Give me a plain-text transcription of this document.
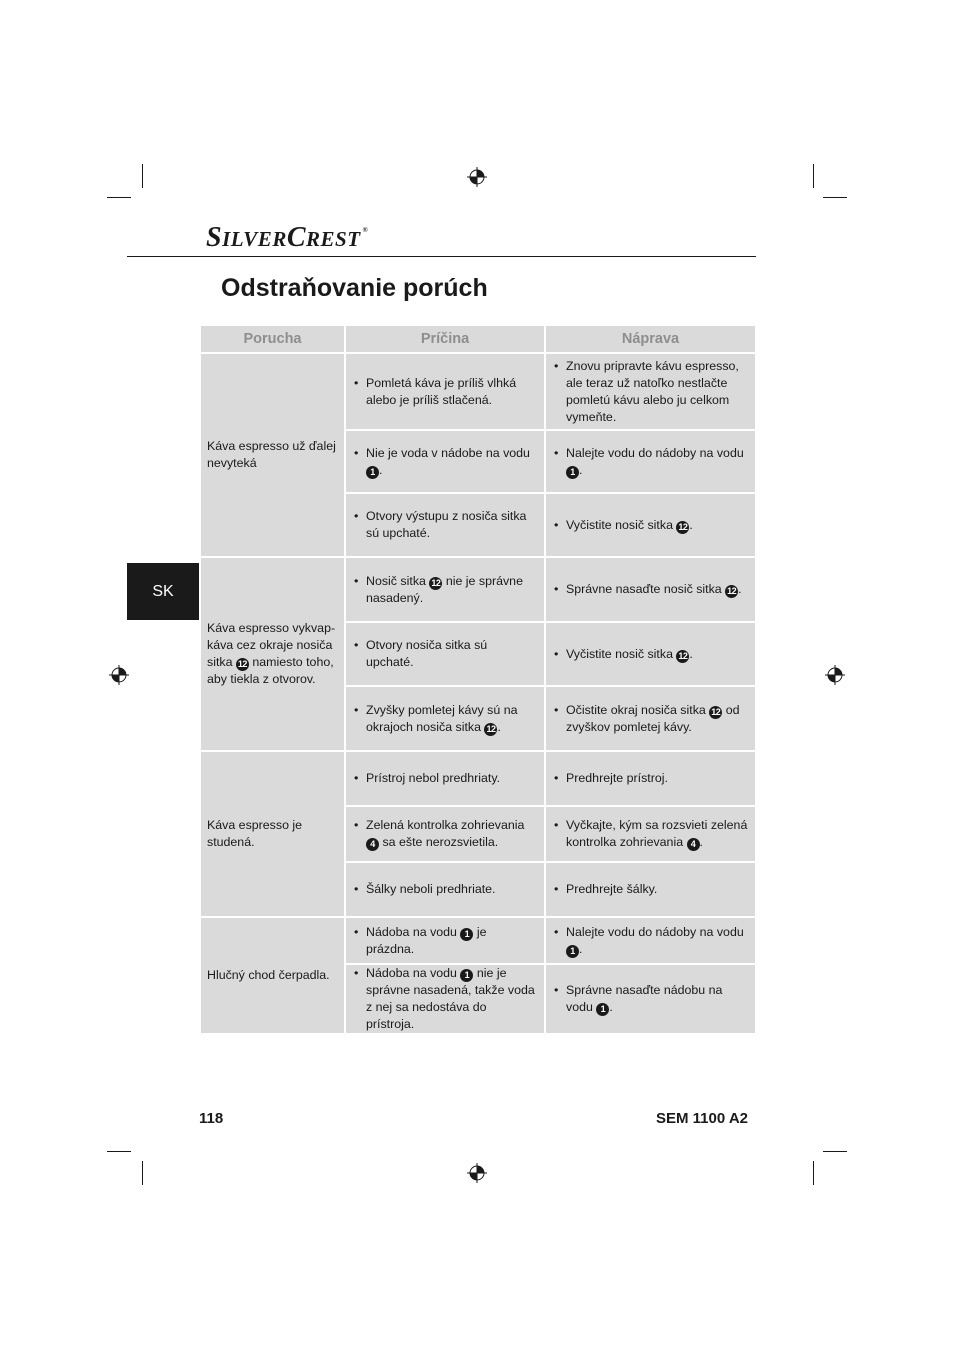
SILVERCREST ®
Odstraňovanie porúch
SK
Porucha	Príčina	Náprava
Káva espresso už ďalej nevyteká	• Pomletá káva je príliš vlhká alebo je príliš stlačená.	• Znovu pripravte kávu espresso, ale teraz už natoľko nestlačte pomletú kávu alebo ju celkom vymeňte.

	• Nie je voda v nádobe na vodu 1 .	• Nalejte vodu do nádoby na vodu 1 .

	• Otvory výstupu z nosiča sitka sú upchaté.	• Vyčistite nosič sitka 12 .

Káva espresso vykvap-káva cez okraje nosiča sitka 12 namiesto toho, aby tiekla z otvorov.	• Nosič sitka 12 nie je správne nasadený.	• Správne nasaďte nosič sitka 12 .

	• Otvory nosiča sitka sú upchaté.	• Vyčistite nosič sitka 12 .

	• Zvyšky pomletej kávy sú na okrajoch nosiča sitka 12 .	• Očistite okraj nosiča sitka 12 od zvyškov pomletej kávy.

Káva espresso je studená.	• Prístroj nebol predhriaty.	• Predhrejte prístroj.

	• Zelená kontrolka zohrievania 4 sa ešte nerozsvietila.	• Vyčkajte, kým sa rozsvieti zelená kontrolka zohrievania 4 .

	• Šálky neboli predhriate.	• Predhrejte šálky.

Hlučný chod čerpadla.	• Nádoba na vodu 1 je prázdna.	• Nalejte vodu do nádoby na vodu 1 .

	• Nádoba na vodu 1 nie je správne nasadená, takže voda z nej sa nedostáva do prístroja.	• Správne nasaďte nádobu na vodu 1 .
118	SEM 1100 A2
